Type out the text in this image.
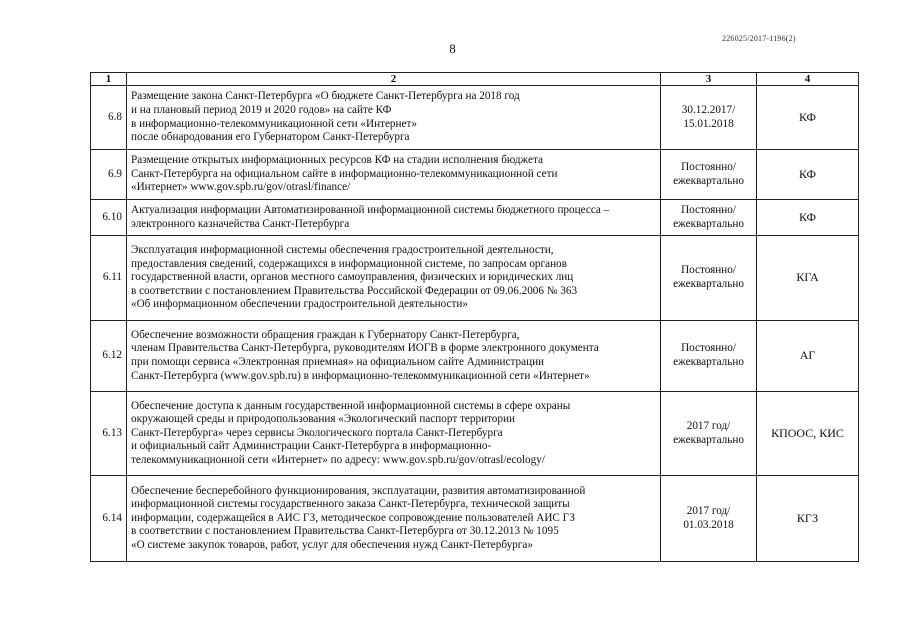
226025/2017-1196(2)
8
1	2	3	4
6.8	Размещение закона Санкт-Петербурга «О бюджете Санкт-Петербурга на 2018 год
и на плановый период 2019 и 2020 годов» на сайте КФ
в информационно-телекоммуникационной сети «Интернет»
после обнародования его Губернатором Санкт-Петербурга	30.12.2017/
15.01.2018	КФ
6.9	Размещение открытых информационных ресурсов КФ на стадии исполнения бюджета
Санкт-Петербурга на официальном сайте в информационно-телекоммуникационной сети
«Интернет» www.gov.spb.ru/gov/otrasl/finance/	Постоянно/
ежеквартально	КФ
6.10	Актуализация информации Автоматизированной информационной системы бюджетного процесса –
электронного казначейства Санкт-Петербурга	Постоянно/
ежеквартально	КФ
6.11	Эксплуатация информационной системы обеспечения градостроительной деятельности,
предоставления сведений, содержащихся в информационной системе, по запросам органов
государственной власти, органов местного самоуправления, физических и юридических лиц
в соответствии с постановлением Правительства Российской Федерации от 09.06.2006 № 363
«Об информационном обеспечении градостроительной деятельности»	Постоянно/
ежеквартально	КГА
6.12	Обеспечение возможности обращения граждан к Губернатору Санкт-Петербурга,
членам Правительства Санкт-Петербурга, руководителям ИОГВ в форме электронного документа
при помощи сервиса «Электронная приемная» на официальном сайте Администрации
Санкт-Петербурга (www.gov.spb.ru) в информационно-телекоммуникационной сети «Интернет»	Постоянно/
ежеквартально	АГ
6.13	Обеспечение доступа к данным государственной информационной системы в сфере охраны
окружающей среды и природопользования «Экологический паспорт территории
Санкт-Петербурга» через сервисы Экологического портала Санкт-Петербурга
и официальный сайт Администрации Санкт-Петербурга в информационно-
телекоммуникационной сети «Интернет» по адресу: www.gov.spb.ru/gov/otrasl/ecology/	2017 год/
ежеквартально	КПООС, КИС
6.14	Обеспечение бесперебойного функционирования, эксплуатации, развития автоматизированной
информационной системы государственного заказа Санкт-Петербурга, технической защиты
информации, содержащейся в АИС ГЗ, методическое сопровождение пользователей АИС ГЗ
в соответствии с постановлением Правительства Санкт-Петербурга от 30.12.2013 № 1095
«О системе закупок товаров, работ, услуг для обеспечения нужд Санкт-Петербурга»	2017 год/
01.03.2018	КГЗ
